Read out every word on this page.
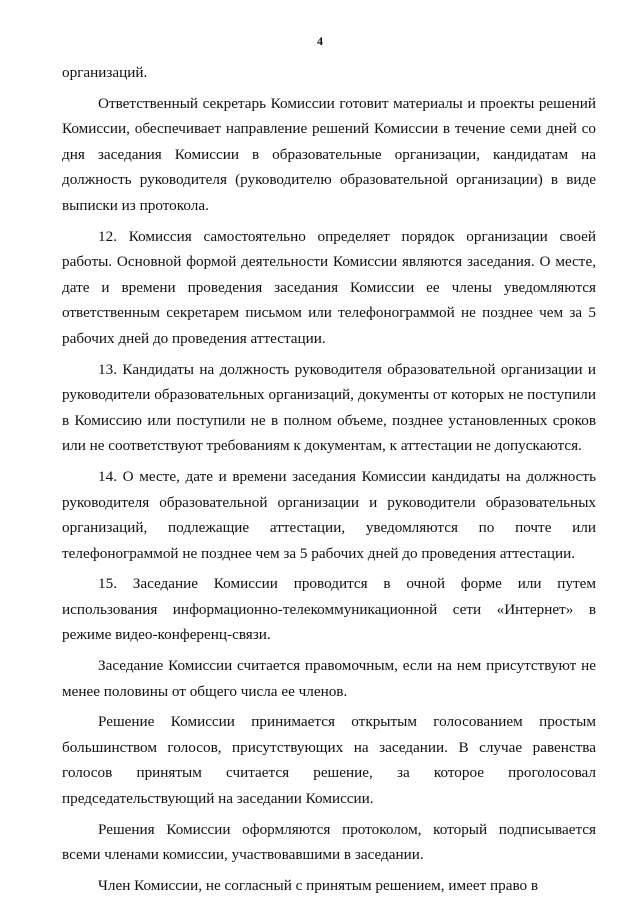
4

организаций.

Ответственный секретарь Комиссии готовит материалы и проекты решений Комиссии, обеспечивает направление решений Комиссии в течение семи дней со дня заседания Комиссии в образовательные организации, кандидатам на должность руководителя (руководителю образовательной организации) в виде выписки из протокола.

12. Комиссия самостоятельно определяет порядок организации своей работы. Основной формой деятельности Комиссии являются заседания. О месте, дате и времени проведения заседания Комиссии ее члены уведомляются ответственным секретарем письмом или телефонограммой не позднее чем за 5 рабочих дней до проведения аттестации.

13. Кандидаты на должность руководителя образовательной организации и руководители образовательных организаций, документы от которых не поступили в Комиссию или поступили не в полном объеме, позднее установленных сроков или не соответствуют требованиям к документам, к аттестации не допускаются.

14. О месте, дате и времени заседания Комиссии кандидаты на должность руководителя образовательной организации и руководители образовательных организаций, подлежащие аттестации, уведомляются по почте или телефонограммой не позднее чем за 5 рабочих дней до проведения аттестации.

15. Заседание Комиссии проводится в очной форме или путем использования информационно-телекоммуникационной сети «Интернет» в режиме видео-конференц-связи.

Заседание Комиссии считается правомочным, если на нем присутствуют не менее половины от общего числа ее членов.

Решение Комиссии принимается открытым голосованием простым большинством голосов, присутствующих на заседании. В случае равенства голосов принятым считается решение, за которое проголосовал председательствующий на заседании Комиссии.

Решения Комиссии оформляются протоколом, который подписывается всеми членами комиссии, участвовавшими в заседании.

Член Комиссии, не согласный с принятым решением, имеет право в
